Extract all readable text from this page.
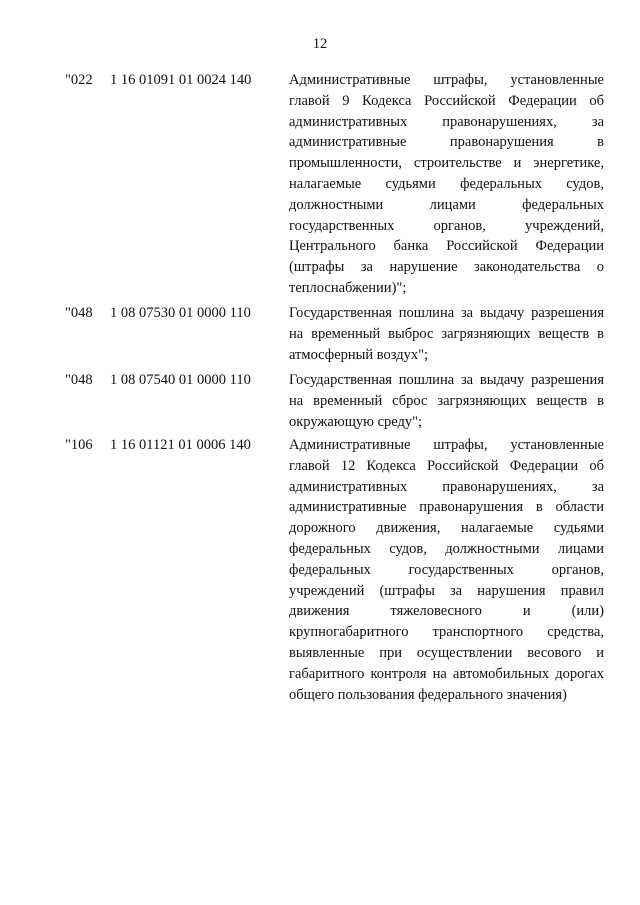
12
"022 1 16 01091 01 0024 140	Административные штрафы, установленные
главой 9 Кодекса Российской Федерации об
административных правонарушениях, за
административные правонарушения в
промышленности, строительстве и энергетике,
налагаемые судьями федеральных судов,
должностными лицами федеральных
государственных органов, учреждений,
Центрального банка Российской Федерации
(штрафы за нарушение законодательства о
теплоснабжении)";
"048 1 08 07530 01 0000 110	Государственная пошлина за выдачу разрешения
на временный выброс загрязняющих веществ в
атмосферный воздух";
"048 1 08 07540 01 0000 110	Государственная пошлина за выдачу разрешения
на временный сброс загрязняющих веществ в
окружающую среду";
"106 1 16 01121 01 0006 140	Административные штрафы, установленные
главой 12 Кодекса Российской Федерации об
административных правонарушениях, за
административные правонарушения в области
дорожного движения, налагаемые судьями
федеральных судов, должностными лицами
федеральных государственных органов,
учреждений (штрафы за нарушения правил
движения тяжеловесного и (или)
крупногабаритного транспортного средства,
выявленные при осуществлении весового и
габаритного контроля на автомобильных дорогах
общего пользования федерального значения)
